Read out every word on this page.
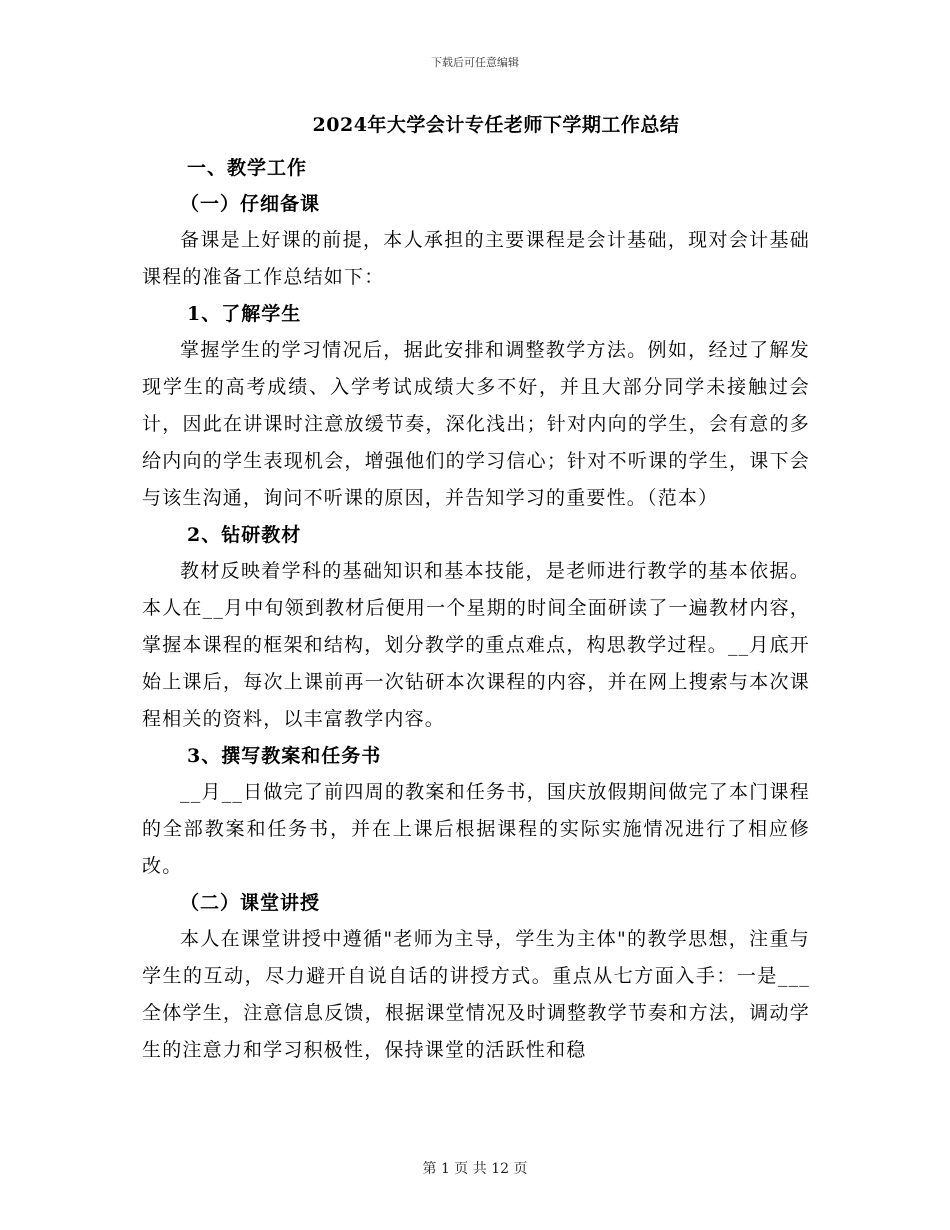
下载后可任意编辑
2024年大学会计专任老师下学期工作总结

一、教学工作

（一）仔细备课

备课是上好课的前提，本人承担的主要课程是会计基础，现对会计基础课程的准备工作总结如下：

1、了解学生

掌握学生的学习情况后，据此安排和调整教学方法。例如，经过了解发现学生的高考成绩、入学考试成绩大多不好，并且大部分同学未接触过会计，因此在讲课时注意放缓节奏，深化浅出；针对内向的学生，会有意的多给内向的学生表现机会，增强他们的学习信心；针对不听课的学生，课下会与该生沟通，询问不听课的原因，并告知学习的重要性。（范本）

2、钻研教材

教材反映着学科的基础知识和基本技能，是老师进行教学的基本依据。本人在__月中旬领到教材后便用一个星期的时间全面研读了一遍教材内容，掌握本课程的框架和结构，划分教学的重点难点，构思教学过程。__月底开始上课后，每次上课前再一次钻研本次课程的内容，并在网上搜索与本次课程相关的资料，以丰富教学内容。

3、撰写教案和任务书

__月__日做完了前四周的教案和任务书，国庆放假期间做完了本门课程的全部教案和任务书，并在上课后根据课程的实际实施情况进行了相应修改。

（二）课堂讲授

本人在课堂讲授中遵循"老师为主导，学生为主体"的教学思想，注重与学生的互动，尽力避开自说自话的讲授方式。重点从七方面入手：一是___全体学生，注意信息反馈，根据课堂情况及时调整教学节奏和方法，调动学生的注意力和学习积极性，保持课堂的活跃性和稳

第 1 页 共 12 页
